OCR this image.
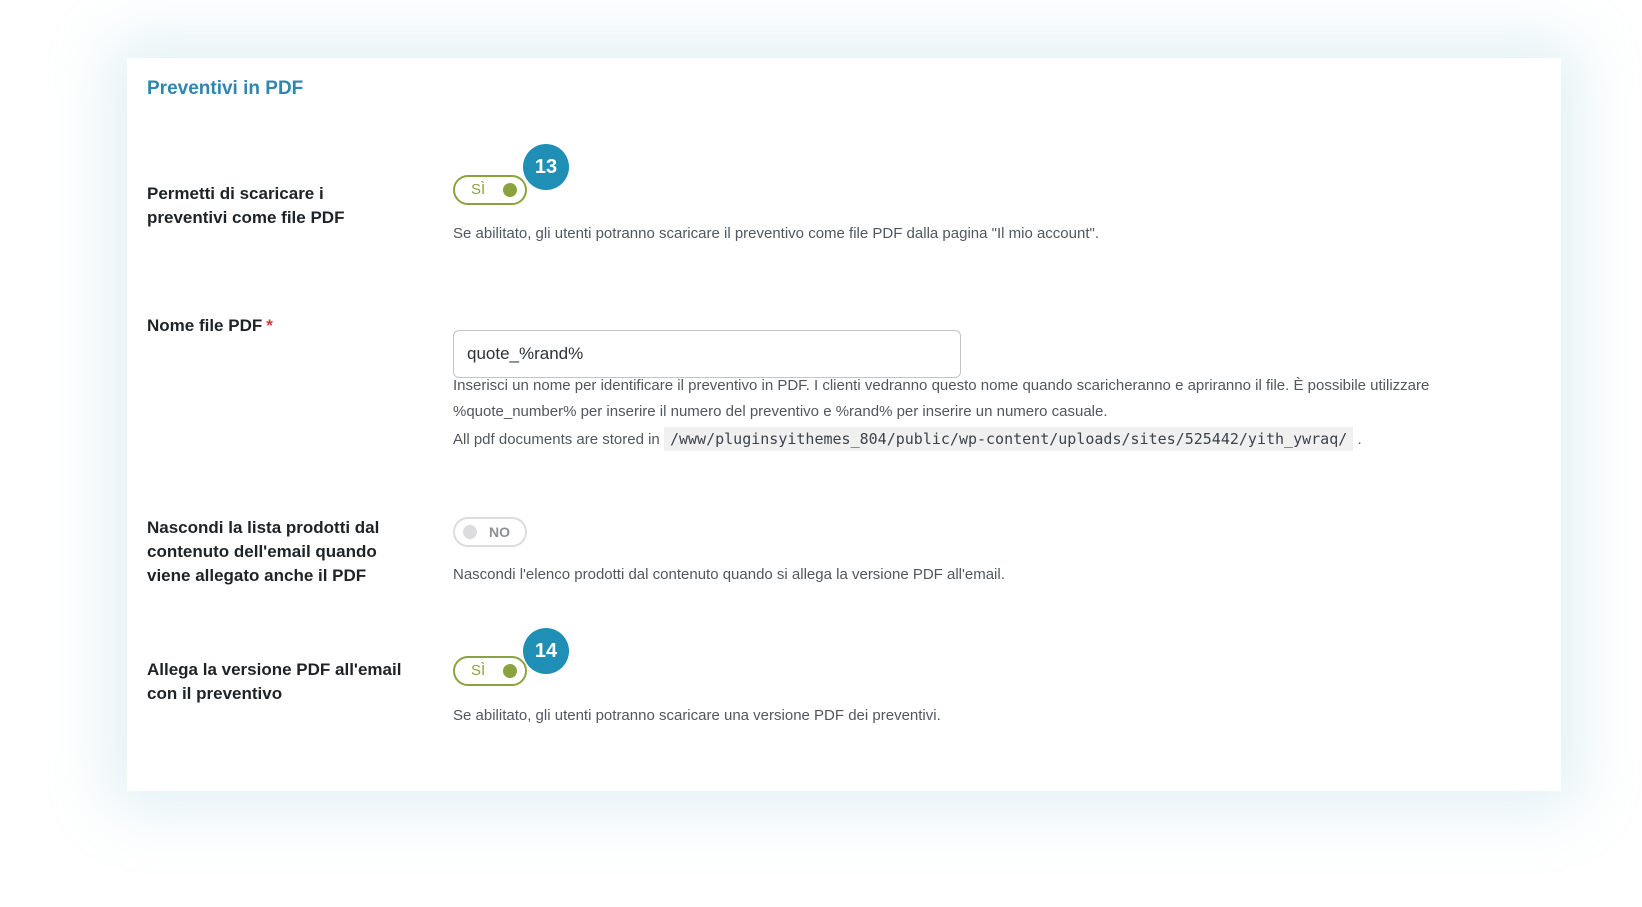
Preventivi in PDF

Permetti di scaricare i preventivi come file PDF

SÌ
13

Se abilitato, gli utenti potranno scaricare il preventivo come file PDF dalla pagina "Il mio account".

Nome file PDF *

quote_%rand%
Inserisci un nome per identificare il preventivo in PDF. I clienti vedranno questo nome quando scaricheranno e apriranno il file. È possibile utilizzare %quote_number% per inserire il numero del preventivo e %rand% per inserire un numero casuale.
All pdf documents are stored in /www/pluginsyithemes_804/public/wp-content/uploads/sites/525442/yith_ywraq/ .

Nascondi la lista prodotti dal contenuto dell'email quando viene allegato anche il PDF

NO

Nascondi l'elenco prodotti dal contenuto quando si allega la versione PDF all'email.

Allega la versione PDF all'email con il preventivo

SÌ
14

Se abilitato, gli utenti potranno scaricare una versione PDF dei preventivi.
